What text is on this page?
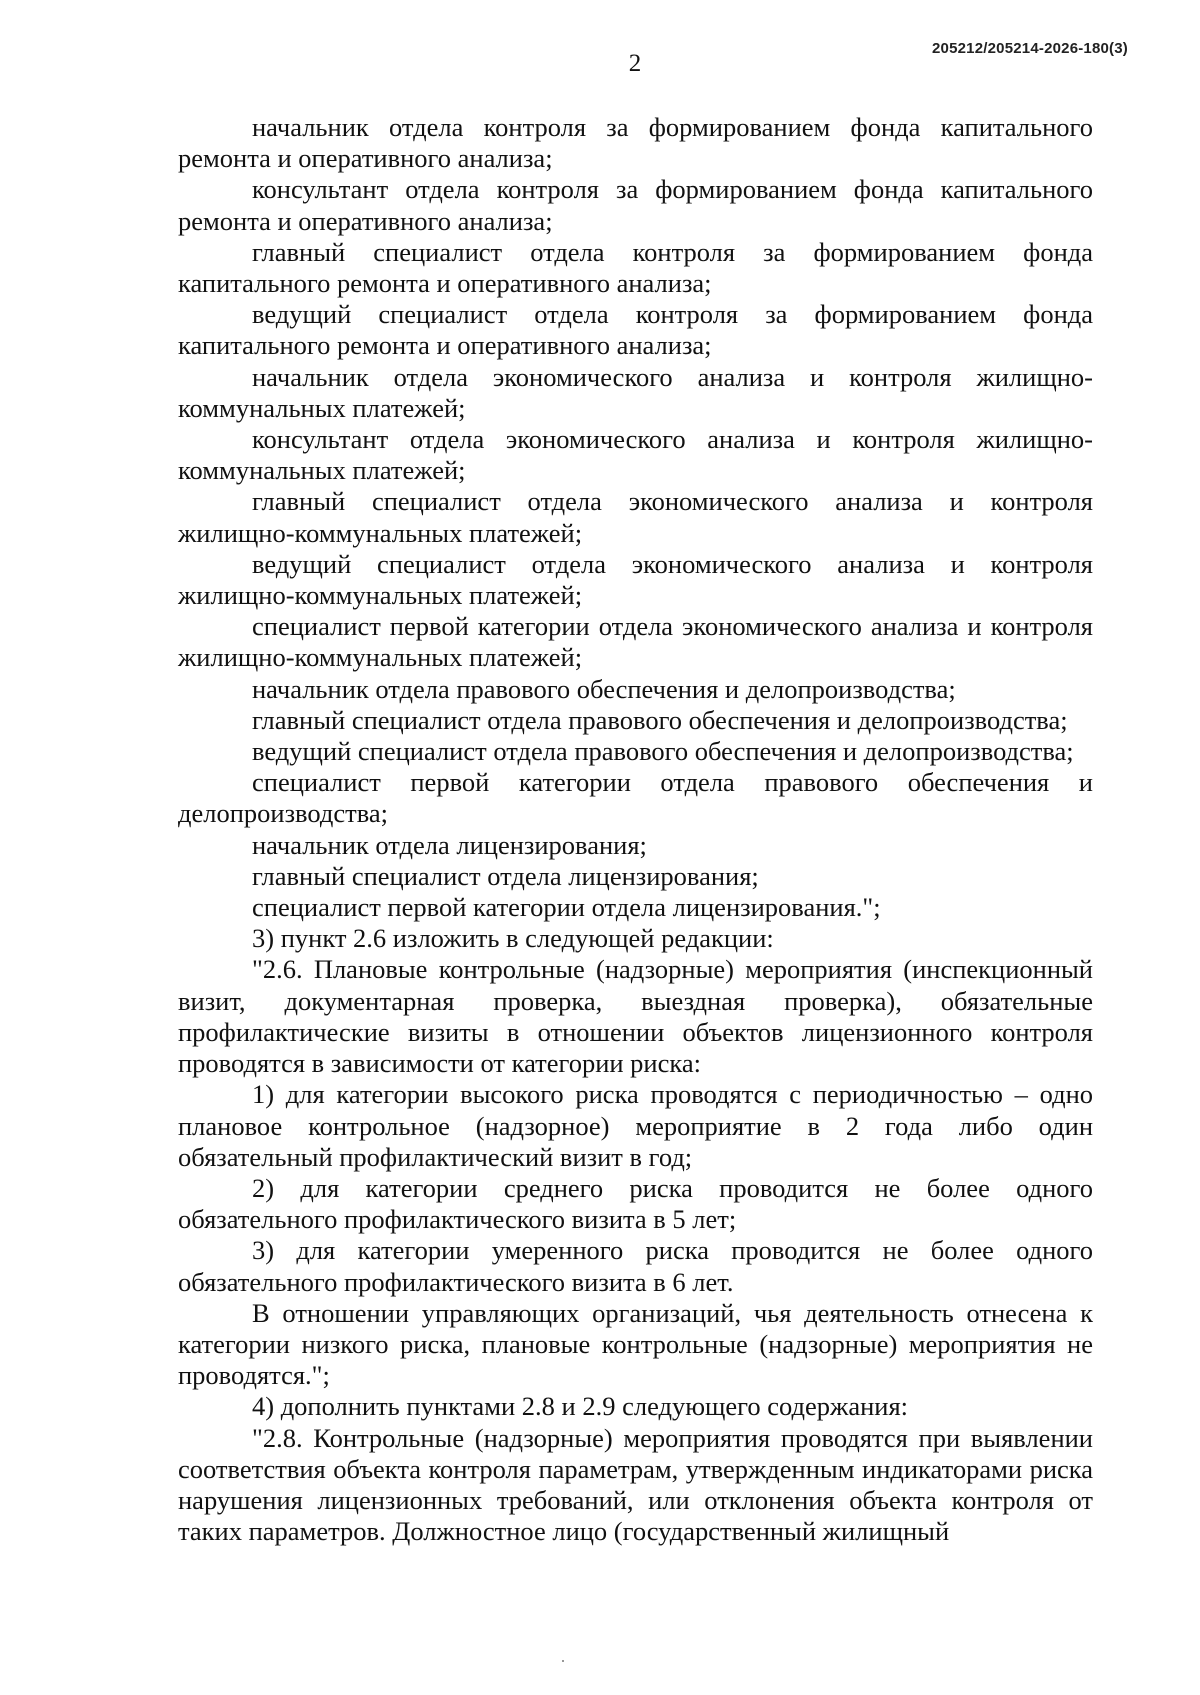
205212/205214-2026-180(3)
2

начальник отдела контроля за формированием фонда капитального ремонта и оперативного анализа;

консультант отдела контроля за формированием фонда капитального ремонта и оперативного анализа;

главный специалист отдела контроля за формированием фонда капитального ремонта и оперативного анализа;

ведущий специалист отдела контроля за формированием фонда капитального ремонта и оперативного анализа;

начальник отдела экономического анализа и контроля жилищно-коммунальных платежей;

консультант отдела экономического анализа и контроля жилищно-коммунальных платежей;

главный специалист отдела экономического анализа и контроля жилищно-коммунальных платежей;

ведущий специалист отдела экономического анализа и контроля жилищно-коммунальных платежей;

специалист первой категории отдела экономического анализа и контроля жилищно-коммунальных платежей;

начальник отдела правового обеспечения и делопроизводства;

главный специалист отдела правового обеспечения и делопроизводства;

ведущий специалист отдела правового обеспечения и делопроизводства;

специалист первой категории отдела правового обеспечения и делопроизводства;

начальник отдела лицензирования;

главный специалист отдела лицензирования;

специалист первой категории отдела лицензирования.";

3) пункт 2.6 изложить в следующей редакции:

"2.6. Плановые контрольные (надзорные) мероприятия (инспекционный визит, документарная проверка, выездная проверка), обязательные профилактические визиты в отношении объектов лицензионного контроля проводятся в зависимости от категории риска:

1) для категории высокого риска проводятся с периодичностью – одно плановое контрольное (надзорное) мероприятие в 2 года либо один обязательный профилактический визит в год;

2) для категории среднего риска проводится не более одного обязательного профилактического визита в 5 лет;

3) для категории умеренного риска проводится не более одного обязательного профилактического визита в 6 лет.

В отношении управляющих организаций, чья деятельность отнесена к категории низкого риска, плановые контрольные (надзорные) мероприятия не проводятся.";

4) дополнить пунктами 2.8 и 2.9 следующего содержания:

"2.8. Контрольные (надзорные) мероприятия проводятся при выявлении соответствия объекта контроля параметрам, утвержденным индикаторами риска нарушения лицензионных требований, или отклонения объекта контроля от таких параметров. Должностное лицо (государственный жилищный
